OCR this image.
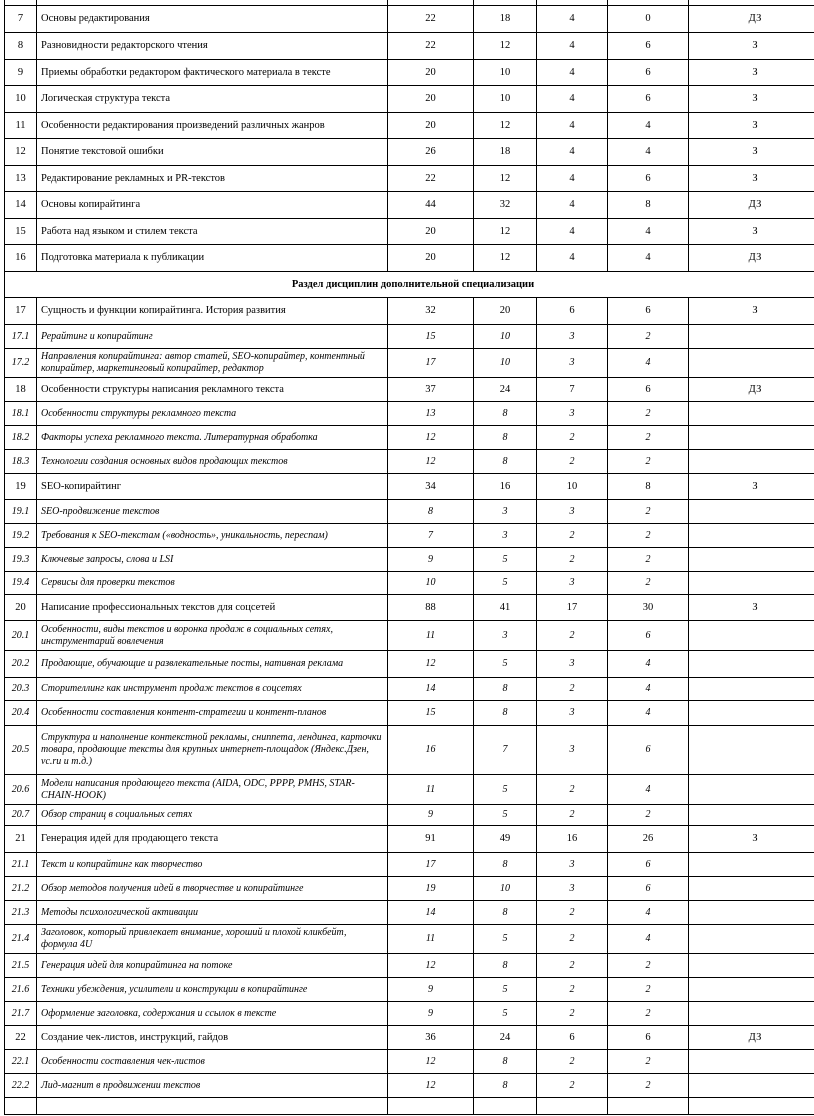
7	Основы редактирования	22	18	4	0	ДЗ
8	Разновидности редакторского чтения	22	12	4	6	З
9	Приемы обработки редактором фактического материала в тексте	20	10	4	6	З
10	Логическая структура текста	20	10	4	6	З
11	Особенности редактирования произведений различных жанров	20	12	4	4	З
12	Понятие текстовой ошибки	26	18	4	4	З
13	Редактирование рекламных и PR-текстов	22	12	4	6	З
14	Основы копирайтинга	44	32	4	8	ДЗ
15	Работа над языком и стилем текста	20	12	4	4	З
16	Подготовка материала к публикации	20	12	4	4	ДЗ
Раздел дисциплин дополнительной специализации						
17	Сущность и функции копирайтинга. История развития	32	20	6	6	З
17.1	Рерайтинг и копирайтинг	15	10	3	2	
17.2	Направления копирайтинга: автор статей, SEO-копирайтер, контентный копирайтер, маркетинговый копирайтер, редактор	17	10	3	4	
18	Особенности структуры написания рекламного текста	37	24	7	6	ДЗ
18.1	Особенности структуры рекламного текста	13	8	3	2	
18.2	Факторы успеха рекламного текста. Литературная обработка	12	8	2	2	
18.3	Технологии создания основных видов продающих текстов	12	8	2	2	
19	SEO-копирайтинг	34	16	10	8	З
19.1	SEO-продвижение текстов	8	3	3	2	
19.2	Требования к SEO-текстам («водность», уникальность, переспам)	7	3	2	2	
19.3	Ключевые запросы, слова и LSI	9	5	2	2	
19.4	Сервисы для проверки текстов	10	5	3	2	
20	Написание профессиональных текстов для соцсетей	88	41	17	30	З
20.1	Особенности, виды текстов и воронка продаж в социальных сетях, инструментарий вовлечения	11	3	2	6	
20.2	Продающие, обучающие и развлекательные посты, нативная реклама	12	5	3	4	
20.3	Сторителлинг как инструмент продаж текстов в соцсетях	14	8	2	4	
20.4	Особенности составления контент-стратегии и контент-планов	15	8	3	4	
20.5	Структура и наполнение контекстной рекламы, сниппета, лендинга, карточки товара, продающие тексты для крупных интернет-площадок (Яндекс.Дзен, vc.ru и т.д.)	16	7	3	6	
20.6	Модели написания продающего текста (AIDA, ODC, PPPP, PMHS, STAR-CHAIN-HOOK)	11	5	2	4	
20.7	Обзор страниц в социальных сетях	9	5	2	2	
21	Генерация идей для продающего текста	91	49	16	26	З
21.1	Текст и копирайтинг как творчество	17	8	3	6	
21.2	Обзор методов получения идей в творчестве и копирайтинге	19	10	3	6	
21.3	Методы психологической активации	14	8	2	4	
21.4	Заголовок, который привлекает внимание, хороший и плохой кликбейт, формула 4U	11	5	2	4	
21.5	Генерация идей для копирайтинга на потоке	12	8	2	2	
21.6	Техники убеждения, усилители и конструкции в копирайтинге	9	5	2	2	
21.7	Оформление заголовка, содержания и ссылок в тексте	9	5	2	2	
22	Создание чек-листов, инструкций, гайдов	36	24	6	6	ДЗ
22.1	Особенности составления чек-листов	12	8	2	2	
22.2	Лид-магнит в продвижении текстов	12	8	2	2	
